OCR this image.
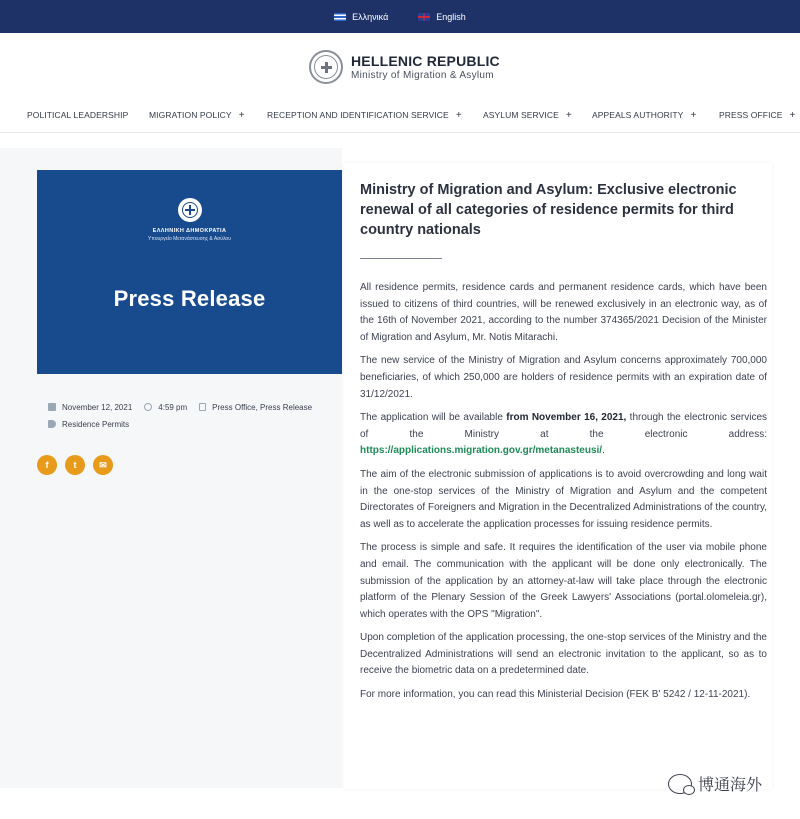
Ελληνικά	English
HELLENIC REPUBLIC
Ministry of Migration & Asylum
POLITICAL LEADERSHIP MIGRATION POLICY +	RECEPTION AND IDENTIFICATION SERVICE + ASYLUM SERVICE + APPEALS AUTHORITY +	PRESS OFFICE +
ΕΛΛΗΝΙΚΗ ΔΗΜΟΚΡΑΤΙΑ
Υπουργείο Μετανάστευσης & Ασύλου
Press Release
November 12, 2021	4:59 pm	Press Office, Press Release
Residence Permits
f	t	✉
Ministry of Migration and Asylum: Exclusive electronic renewal of all categories of residence permits for third country nationals

All residence permits, residence cards and permanent residence cards, which have been issued to citizens of third countries, will be renewed exclusively in an electronic way, as of the 16th of November 2021, according to the number 374365/2021 Decision of the Minister of Migration and Asylum, Mr. Notis Mitarachi.

The new service of the Ministry of Migration and Asylum concerns approximately 700,000 beneficiaries, of which 250,000 are holders of residence permits with an expiration date of 31/12/2021.

The application will be available from November 16, 2021, through the electronic services of the Ministry at the electronic address: https://applications.migration.gov.gr/metanasteusi/.

The aim of the electronic submission of applications is to avoid overcrowding and long wait in the one-stop services of the Ministry of Migration and Asylum and the competent Directorates of Foreigners and Migration in the Decentralized Administrations of the country, as well as to accelerate the application processes for issuing residence permits.

The process is simple and safe. It requires the identification of the user via mobile phone and email. The communication with the applicant will be done only electronically. The submission of the application by an attorney-at-law will take place through the electronic platform of the Plenary Session of the Greek Lawyers' Associations (portal.olomeleia.gr), which operates with the OPS "Migration".

Upon completion of the application processing, the one-stop services of the Ministry and the Decentralized Administrations will send an electronic invitation to the applicant, so as to receive the biometric data on a predetermined date.

For more information, you can read this Ministerial Decision (FEK B' 5242 / 12-11-2021).

博通海外
